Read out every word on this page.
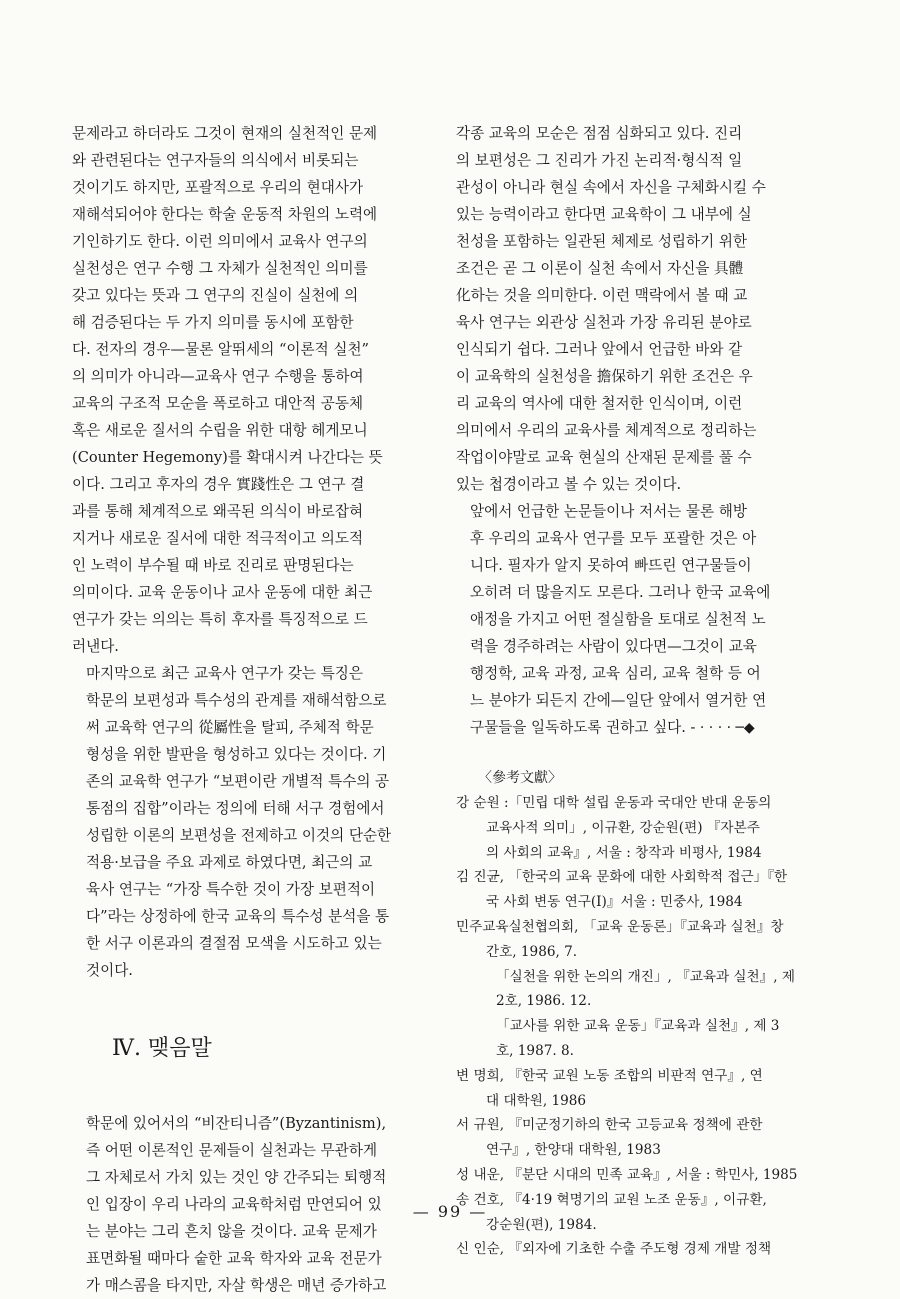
문제라고 하더라도 그것이 현재의 실천적인 문제
와 관련된다는 연구자들의 의식에서 비롯되는
것이기도 하지만, 포괄적으로 우리의 현대사가
재해석되어야 한다는 학술 운동적 차원의 노력에
기인하기도 한다. 이런 의미에서 교육사 연구의
실천성은 연구 수행 그 자체가 실천적인 의미를
갖고 있다는 뜻과 그 연구의 진실이 실천에 의
해 검증된다는 두 가지 의미를 동시에 포함한
다. 전자의 경우—물론 알뛰세의 “이론적 실천”
의 의미가 아니라—교육사 연구 수행을 통하여
교육의 구조적 모순을 폭로하고 대안적 공동체
혹은 새로운 질서의 수립을 위한 대항 헤게모니
(Counter Hegemony)를 확대시켜 나간다는 뜻
이다. 그리고 후자의 경우 實踐性은 그 연구 결
과를 통해 체계적으로 왜곡된 의식이 바로잡혀
지거나 새로운 질서에 대한 적극적이고 의도적
인 노력이 부수될 때 바로 진리로 판명된다는
의미이다. 교육 운동이나 교사 운동에 대한 최근
연구가 갖는 의의는 특히 후자를 특징적으로 드
러낸다.
마지막으로 최근 교육사 연구가 갖는 특징은
학문의 보편성과 특수성의 관계를 재해석함으로
써 교육학 연구의 從屬性을 탈피, 주체적 학문
형성을 위한 발판을 형성하고 있다는 것이다. 기
존의 교육학 연구가 “보편이란 개별적 특수의 공
통점의 집합”이라는 정의에 터해 서구 경험에서
성립한 이론의 보편성을 전제하고 이것의 단순한
적용·보급을 주요 과제로 하였다면, 최근의 교
육사 연구는 “가장 특수한 것이 가장 보편적이
다”라는 상정하에 한국 교육의 특수성 분석을 통
한 서구 이론과의 결절점 모색을 시도하고 있는
것이다.
Ⅳ. 맺음말
학문에 있어서의 “비잔티니즘”(Byzantinism),
즉 어떤 이론적인 문제들이 실천과는 무관하게
그 자체로서 가치 있는 것인 양 간주되는 퇴행적
인 입장이 우리 나라의 교육학처럼 만연되어 있
는 분야는 그리 흔치 않을 것이다. 교육 문제가
표면화될 때마다 숱한 교육 학자와 교육 전문가
가 매스콤을 타지만, 자살 학생은 매년 증가하고
각종 교육의 모순은 점점 심화되고 있다. 진리
의 보편성은 그 진리가 가진 논리적·형식적 일
관성이 아니라 현실 속에서 자신을 구체화시킬 수
있는 능력이라고 한다면 교육학이 그 내부에 실
천성을 포함하는 일관된 체제로 성립하기 위한
조건은 곧 그 이론이 실천 속에서 자신을 具體
化하는 것을 의미한다. 이런 맥락에서 볼 때 교
육사 연구는 외관상 실천과 가장 유리된 분야로
인식되기 쉽다. 그러나 앞에서 언급한 바와 같
이 교육학의 실천성을 擔保하기 위한 조건은 우
리 교육의 역사에 대한 철저한 인식이며, 이런
의미에서 우리의 교육사를 체계적으로 정리하는
작업이야말로 교육 현실의 산재된 문제를 풀 수
있는 첩경이라고 볼 수 있는 것이다.
앞에서 언급한 논문들이나 저서는 물론 해방
후 우리의 교육사 연구를 모두 포괄한 것은 아
니다. 필자가 알지 못하여 빠뜨린 연구물들이
오히려 더 많을지도 모른다. 그러나 한국 교육에
애정을 가지고 어떤 절실함을 토대로 실천적 노
력을 경주하려는 사람이 있다면—그것이 교육
행정학, 교육 과정, 교육 심리, 교육 철학 등 어
느 분야가 되든지 간에—일단 앞에서 열거한 연
구물들을 일독하도록 권하고 싶다. - · · · · ─◆
〈參考文獻〉
강 순원 :「민립 대학 설립 운동과 국대안 반대 운동의
교육사적 의미」, 이규환, 강순원(편) 『자본주
의 사회의 교육』, 서울 : 창작과 비평사, 1984
김 진균, 「한국의 교육 문화에 대한 사회학적 접근」『한
국 사회 변동 연구(Ⅰ)』서울 : 민중사, 1984
민주교육실천협의회, 「교육 운동론」『교육과 실천』창
간호, 1986, 7.
「실천을 위한 논의의 개진」, 『교육과 실천』, 제
2호, 1986. 12.
「교사를 위한 교육 운동」『교육과 실천』, 제 3
호, 1987. 8.
변 명희, 『한국 교원 노동 조합의 비판적 연구』, 연
대 대학원, 1986
서 규원, 『미군정기하의 한국 고등교육 정책에 관한
연구』, 한양대 대학원, 1983
성 내운, 『분단 시대의 민족 교육』, 서울 : 학민사, 1985
송 건호, 『4·19 혁명기의 교원 노조 운동』, 이규환,
강순원(편), 1984.
신 인순, 『외자에 기초한 수출 주도형 경제 개발 정책
— 99 —
